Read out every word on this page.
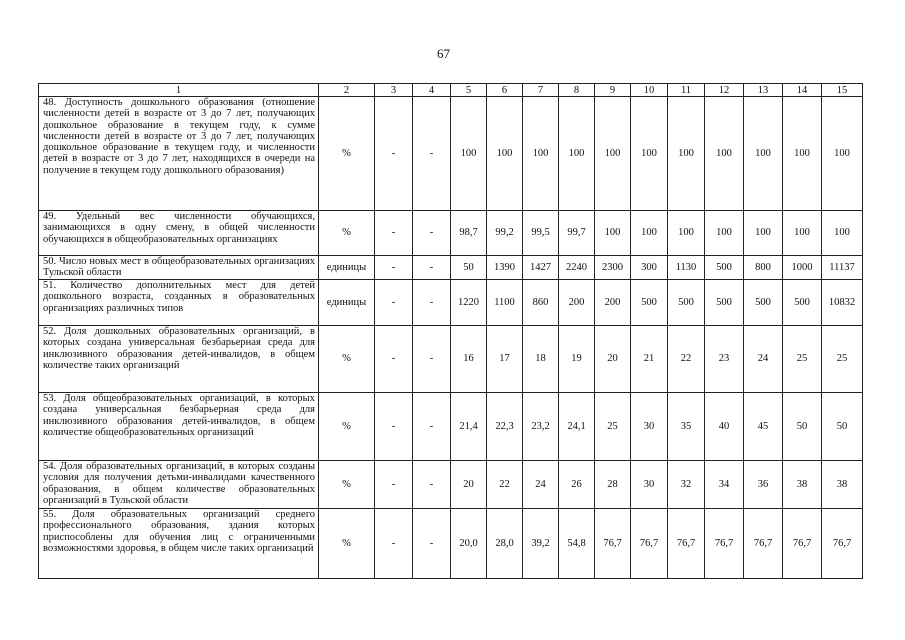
67
1	2	3	4	5	6	7	8	9	10	11	12	13	14	15
48. Доступность дошкольного образования (отношение численности детей в возрасте от 3 до 7 лет, получающих дошкольное образование в текущем году, к сумме численности детей в возрасте от 3 до 7 лет, получающих дошкольное образование в текущем году, и численности детей в возрасте от 3 до 7 лет, находящихся в очереди на получение в текущем году дошкольного образования)	%	-	-	100	100	100	100	100	100	100	100	100	100	100
49. Удельный вес численности обучающихся, занимающихся в одну смену, в общей численности обучающихся в общеобразовательных организациях	%	-	-	98,7	99,2	99,5	99,7	100	100	100	100	100	100	100
50. Число новых мест в общеобразовательных организациях Тульской области	единицы	-	-	50	1390	1427	2240	2300	300	1130	500	800	1000	11137
51. Количество дополнительных мест для детей дошкольного возраста, созданных в образовательных организациях различных типов	единицы	-	-	1220	1100	860	200	200	500	500	500	500	500	10832
52. Доля дошкольных образовательных организаций, в которых создана универсальная безбарьерная среда для инклюзивного образования детей-инвалидов, в общем количестве таких организаций	%	-	-	16	17	18	19	20	21	22	23	24	25	25
53. Доля общеобразовательных организаций, в которых создана универсальная безбарьерная среда для инклюзивного образования детей-инвалидов, в общем количестве общеобразовательных организаций	%	-	-	21,4	22,3	23,2	24,1	25	30	35	40	45	50	50
54. Доля образовательных организаций, в которых созданы условия для получения детьми-инвалидами качественного образования, в общем количестве образовательных организаций в Тульской области	%	-	-	20	22	24	26	28	30	32	34	36	38	38
55. Доля образовательных организаций среднего профессионального образования, здания которых приспособлены для обучения лиц с ограниченными возможностями здоровья, в общем числе таких организаций	%	-	-	20,0	28,0	39,2	54,8	76,7	76,7	76,7	76,7	76,7	76,7	76,7
